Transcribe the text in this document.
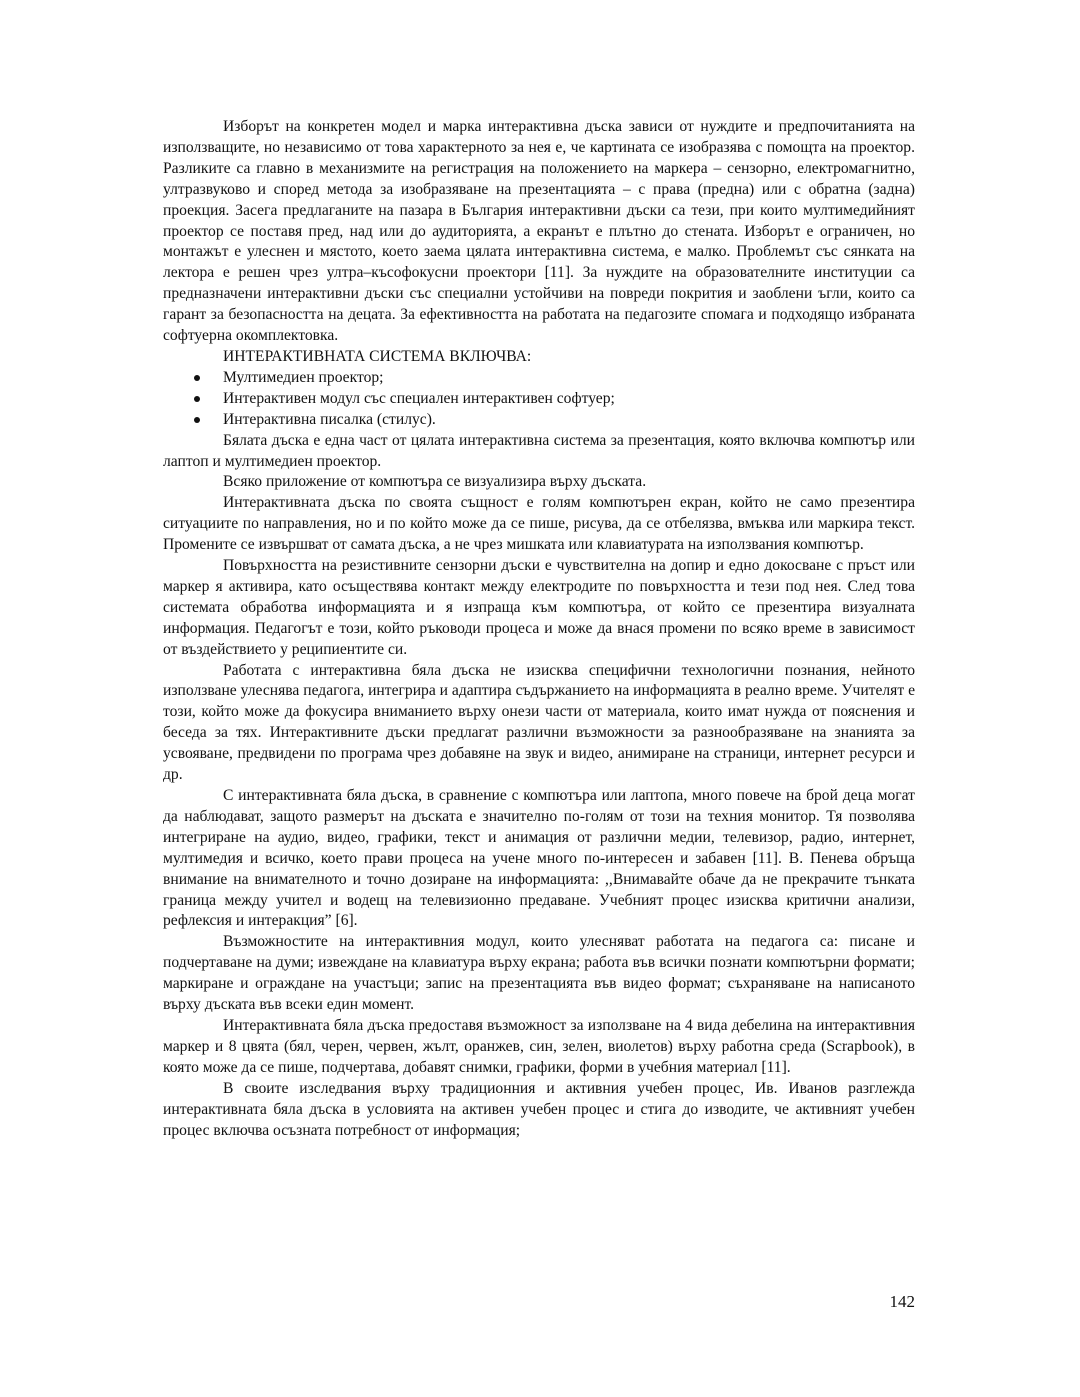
Изборът на конкретен модел и марка интерактивна дъска зависи от нуждите и предпочитанията на използващите, но независимо от това характерното за нея е, че картината се изобразява с помощта на проектор. Разликите са главно в механизмите на регистрация на положението на маркера – сензорно, електромагнитно, ултразвуково и според метода за изобразяване на презентацията – с права (предна) или с обратна (задна) проекция. Засега предлаганите на пазара в България интерактивни дъски са тези, при които мултимедийният проектор се поставя пред, над или до аудиторията, а екранът е плътно до стената. Изборът е ограничен, но монтажът е улеснен и мястото, което заема цялата интерактивна система, е малко. Проблемът със сянката на лектора е решен чрез ултра–късофокусни проектори [11]. За нуждите на образователните институции са предназначени интерактивни дъски със специални устойчиви на повреди покрития и заоблени ъгли, които са гарант за безопасността на децата. За ефективността на работата на педагозите спомага и подходящо избраната софтуерна окомплектовка.

ИНТЕРАКТИВНАТА СИСТЕМА ВКЛЮЧВА:
Мултимедиен проектор;
Интерактивен модул със специален интерактивен софтуер;
Интерактивна писалка (стилус).

Бялата дъска е една част от цялата интерактивна система за презентация, която включва компютър или лаптоп и мултимедиен проектор.

Всяко приложение от компютъра се визуализира върху дъската.

Интерактивната дъска по своята същност е голям компютърен екран, който не само презентира ситуациите по направления, но и по който може да се пише, рисува, да се отбелязва, вмъква или маркира текст. Промените се извършват от самата дъска, а не чрез мишката или клавиатурата на използвания компютър.

Повърхността на резистивните сензорни дъски е чувствителна на допир и едно докосване с пръст или маркер я активира, като осъществява контакт между електродите по повърхността и тези под нея. След това системата обработва информацията и я изпраща към компютъра, от който се презентира визуалната информация. Педагогът е този, който ръководи процеса и може да внася промени по всяко време в зависимост от въздействието у реципиентите си.

Работата с интерактивна бяла дъска не изисква специфични технологични познания, нейното използване улеснява педагога, интегрира и адаптира съдържанието на информацията в реално време. Учителят е този, който може да фокусира вниманието върху онези части от материала, които имат нужда от пояснения и беседа за тях. Интерактивните дъски предлагат различни възможности за разнообразяване на знанията за усвояване, предвидени по програма чрез добавяне на звук и видео, анимиране на страници, интернет ресурси и др.

С интерактивната бяла дъска, в сравнение с компютъра или лаптопа, много повече на брой деца могат да наблюдават, защото размерът на дъската е значително по-голям от този на техния монитор. Тя позволява интегриране на аудио, видео, графики, текст и анимация от различни медии, телевизор, радио, интернет, мултимедия и всичко, което прави процеса на учене много по-интересен и забавен [11]. В. Пенева обръща внимание на внимателното и точно дозиране на информацията: ,,Внимавайте обаче да не прекрачите тънката граница между учител и водещ на телевизионно предаване. Учебният процес изисква критични анализи, рефлексия и интеракция” [6].

Възможностите на интерактивния модул, които улесняват работата на педагога са: писане и подчертаване на думи; извеждане на клавиатура върху екрана; работа във всички познати компютърни формати; маркиране и ограждане на участъци; запис на презентацията във видео формат; съхраняване на написаното върху дъската във всеки един момент.

Интерактивната бяла дъска предоставя възможност за използване на 4 вида дебелина на интерактивния маркер и 8 цвята (бял, черен, червен, жълт, оранжев, син, зелен, виолетов) върху работна среда (Scrapbook), в която може да се пише, подчертава, добавят снимки, графики, форми в учебния материал [11].

В своите изследвания върху традиционния и активния учебен процес, Ив. Иванов разглежда интерактивната бяла дъска в условията на активен учебен процес и стига до изводите, че активният учебен процес включва осъзната потребност от информация;

142
